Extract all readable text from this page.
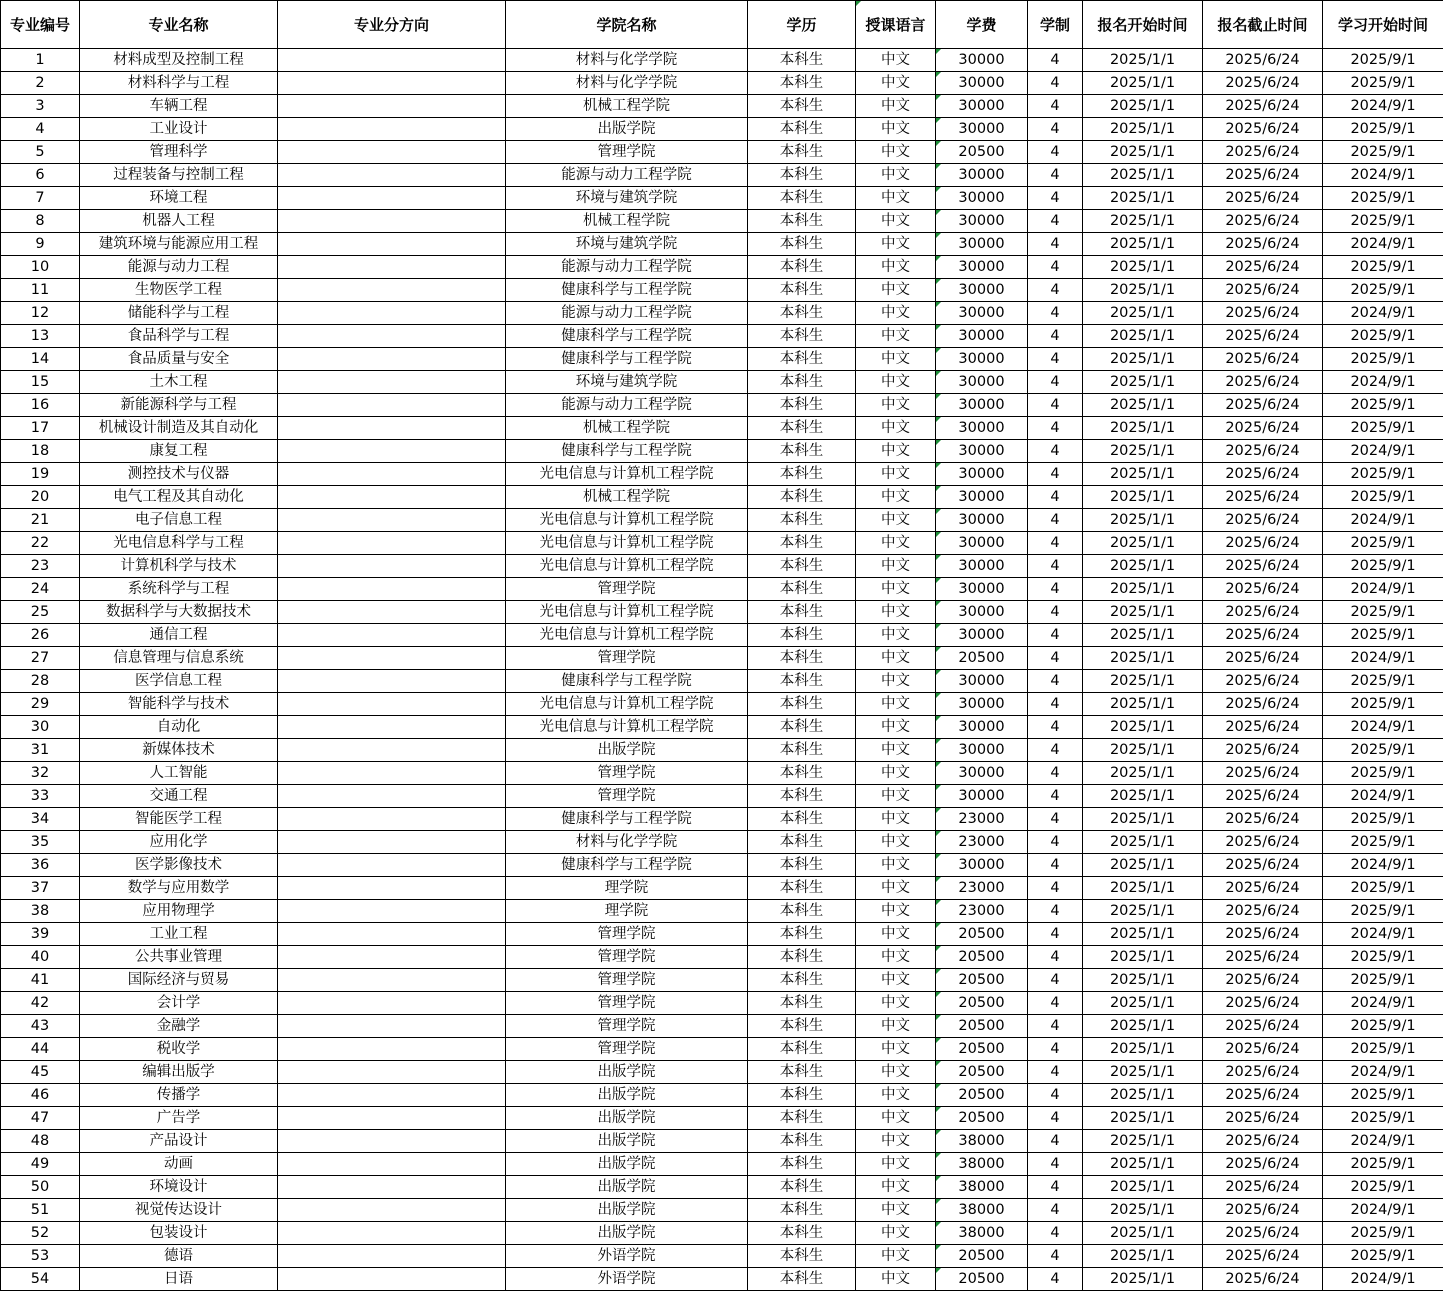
专业编号	专业名称	专业分方向	学院名称	学历	授课语言	学费	学制	报名开始时间	报名截止时间	学习开始时间
1	材料成型及控制工程		材料与化学学院	本科生	中文	30000	4	2025/1/1	2025/6/24	2025/9/1
2	材料科学与工程		材料与化学学院	本科生	中文	30000	4	2025/1/1	2025/6/24	2025/9/1
3	车辆工程		机械工程学院	本科生	中文	30000	4	2025/1/1	2025/6/24	2024/9/1
4	工业设计		出版学院	本科生	中文	30000	4	2025/1/1	2025/6/24	2025/9/1
5	管理科学		管理学院	本科生	中文	20500	4	2025/1/1	2025/6/24	2025/9/1
6	过程装备与控制工程		能源与动力工程学院	本科生	中文	30000	4	2025/1/1	2025/6/24	2024/9/1
7	环境工程		环境与建筑学院	本科生	中文	30000	4	2025/1/1	2025/6/24	2025/9/1
8	机器人工程		机械工程学院	本科生	中文	30000	4	2025/1/1	2025/6/24	2025/9/1
9	建筑环境与能源应用工程		环境与建筑学院	本科生	中文	30000	4	2025/1/1	2025/6/24	2024/9/1
10	能源与动力工程		能源与动力工程学院	本科生	中文	30000	4	2025/1/1	2025/6/24	2025/9/1
11	生物医学工程		健康科学与工程学院	本科生	中文	30000	4	2025/1/1	2025/6/24	2025/9/1
12	储能科学与工程		能源与动力工程学院	本科生	中文	30000	4	2025/1/1	2025/6/24	2024/9/1
13	食品科学与工程		健康科学与工程学院	本科生	中文	30000	4	2025/1/1	2025/6/24	2025/9/1
14	食品质量与安全		健康科学与工程学院	本科生	中文	30000	4	2025/1/1	2025/6/24	2025/9/1
15	土木工程		环境与建筑学院	本科生	中文	30000	4	2025/1/1	2025/6/24	2024/9/1
16	新能源科学与工程		能源与动力工程学院	本科生	中文	30000	4	2025/1/1	2025/6/24	2025/9/1
17	机械设计制造及其自动化		机械工程学院	本科生	中文	30000	4	2025/1/1	2025/6/24	2025/9/1
18	康复工程		健康科学与工程学院	本科生	中文	30000	4	2025/1/1	2025/6/24	2024/9/1
19	测控技术与仪器		光电信息与计算机工程学院	本科生	中文	30000	4	2025/1/1	2025/6/24	2025/9/1
20	电气工程及其自动化		机械工程学院	本科生	中文	30000	4	2025/1/1	2025/6/24	2025/9/1
21	电子信息工程		光电信息与计算机工程学院	本科生	中文	30000	4	2025/1/1	2025/6/24	2024/9/1
22	光电信息科学与工程		光电信息与计算机工程学院	本科生	中文	30000	4	2025/1/1	2025/6/24	2025/9/1
23	计算机科学与技术		光电信息与计算机工程学院	本科生	中文	30000	4	2025/1/1	2025/6/24	2025/9/1
24	系统科学与工程		管理学院	本科生	中文	30000	4	2025/1/1	2025/6/24	2024/9/1
25	数据科学与大数据技术		光电信息与计算机工程学院	本科生	中文	30000	4	2025/1/1	2025/6/24	2025/9/1
26	通信工程		光电信息与计算机工程学院	本科生	中文	30000	4	2025/1/1	2025/6/24	2025/9/1
27	信息管理与信息系统		管理学院	本科生	中文	20500	4	2025/1/1	2025/6/24	2024/9/1
28	医学信息工程		健康科学与工程学院	本科生	中文	30000	4	2025/1/1	2025/6/24	2025/9/1
29	智能科学与技术		光电信息与计算机工程学院	本科生	中文	30000	4	2025/1/1	2025/6/24	2025/9/1
30	自动化		光电信息与计算机工程学院	本科生	中文	30000	4	2025/1/1	2025/6/24	2024/9/1
31	新媒体技术		出版学院	本科生	中文	30000	4	2025/1/1	2025/6/24	2025/9/1
32	人工智能		管理学院	本科生	中文	30000	4	2025/1/1	2025/6/24	2025/9/1
33	交通工程		管理学院	本科生	中文	30000	4	2025/1/1	2025/6/24	2024/9/1
34	智能医学工程		健康科学与工程学院	本科生	中文	23000	4	2025/1/1	2025/6/24	2025/9/1
35	应用化学		材料与化学学院	本科生	中文	23000	4	2025/1/1	2025/6/24	2025/9/1
36	医学影像技术		健康科学与工程学院	本科生	中文	30000	4	2025/1/1	2025/6/24	2024/9/1
37	数学与应用数学		理学院	本科生	中文	23000	4	2025/1/1	2025/6/24	2025/9/1
38	应用物理学		理学院	本科生	中文	23000	4	2025/1/1	2025/6/24	2025/9/1
39	工业工程		管理学院	本科生	中文	20500	4	2025/1/1	2025/6/24	2024/9/1
40	公共事业管理		管理学院	本科生	中文	20500	4	2025/1/1	2025/6/24	2025/9/1
41	国际经济与贸易		管理学院	本科生	中文	20500	4	2025/1/1	2025/6/24	2025/9/1
42	会计学		管理学院	本科生	中文	20500	4	2025/1/1	2025/6/24	2024/9/1
43	金融学		管理学院	本科生	中文	20500	4	2025/1/1	2025/6/24	2025/9/1
44	税收学		管理学院	本科生	中文	20500	4	2025/1/1	2025/6/24	2025/9/1
45	编辑出版学		出版学院	本科生	中文	20500	4	2025/1/1	2025/6/24	2024/9/1
46	传播学		出版学院	本科生	中文	20500	4	2025/1/1	2025/6/24	2025/9/1
47	广告学		出版学院	本科生	中文	20500	4	2025/1/1	2025/6/24	2025/9/1
48	产品设计		出版学院	本科生	中文	38000	4	2025/1/1	2025/6/24	2024/9/1
49	动画		出版学院	本科生	中文	38000	4	2025/1/1	2025/6/24	2025/9/1
50	环境设计		出版学院	本科生	中文	38000	4	2025/1/1	2025/6/24	2025/9/1
51	视觉传达设计		出版学院	本科生	中文	38000	4	2025/1/1	2025/6/24	2024/9/1
52	包装设计		出版学院	本科生	中文	38000	4	2025/1/1	2025/6/24	2025/9/1
53	德语		外语学院	本科生	中文	20500	4	2025/1/1	2025/6/24	2025/9/1
54	日语		外语学院	本科生	中文	20500	4	2025/1/1	2025/6/24	2024/9/1
